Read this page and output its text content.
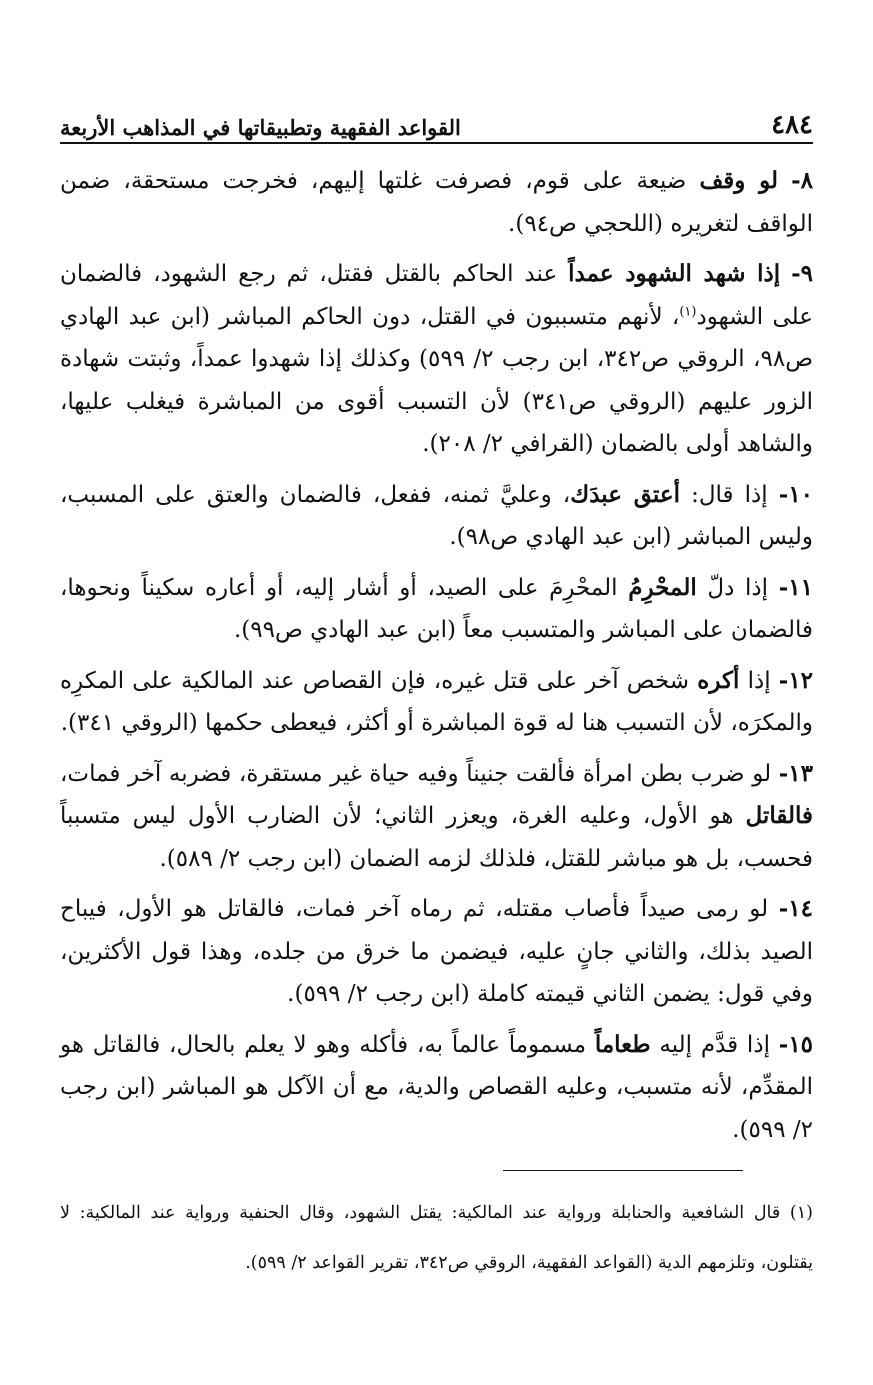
٤٨٤
القواعد الفقهية وتطبيقاتها في المذاهب الأربعة

٨- لو وقف ضيعة على قوم، فصرفت غلتها إليهم، فخرجت مستحقة، ضمن الواقف لتغريره (اللحجي ص٩٤).

٩- إذا شهد الشهود عمداً عند الحاكم بالقتل فقتل، ثم رجع الشهود، فالضمان على الشهود$^{(١)}$، لأنهم متسببون في القتل، دون الحاكم المباشر (ابن عبد الهادي ص٩٨، الروقي ص٣٤٢، ابن رجب ٢/ ٥٩٩) وكذلك إذا شهدوا عمداً، وثبتت شهادة الزور عليهم (الروقي ص٣٤١) لأن التسبب أقوى من المباشرة فيغلب عليها، والشاهد أولى بالضمان (القرافي ٢/ ٢٠٨).

١٠- إذا قال: أعتق عبدَك، وعليَّ ثمنه، ففعل، فالضمان والعتق على المسبب، وليس المباشر (ابن عبد الهادي ص٩٨).

١١- إذا دلّ المحْرِمُ المحْرِمَ على الصيد، أو أشار إليه، أو أعاره سكيناً ونحوها، فالضمان على المباشر والمتسبب معاً (ابن عبد الهادي ص٩٩).

١٢- إذا أكره شخص آخر على قتل غيره، فإن القصاص عند المالكية على المكرِه والمكرَه، لأن التسبب هنا له قوة المباشرة أو أكثر، فيعطى حكمها (الروقي ٣٤١).

١٣- لو ضرب بطن امرأة فألقت جنيناً وفيه حياة غير مستقرة، فضربه آخر فمات، فالقاتل هو الأول، وعليه الغرة، ويعزر الثاني؛ لأن الضارب الأول ليس متسبباً فحسب، بل هو مباشر للقتل، فلذلك لزمه الضمان (ابن رجب ٢/ ٥٨٩).

١٤- لو رمى صيداً فأصاب مقتله، ثم رماه آخر فمات، فالقاتل هو الأول، فيباح الصيد بذلك، والثاني جانٍ عليه، فيضمن ما خرق من جلده، وهذا قول الأكثرين، وفي قول: يضمن الثاني قيمته كاملة (ابن رجب ٢/ ٥٩٩).

١٥- إذا قدَّم إليه طعاماً مسموماً عالماً به، فأكله وهو لا يعلم بالحال، فالقاتل هو المقدِّم، لأنه متسبب، وعليه القصاص والدية، مع أن الآكل هو المباشر (ابن رجب ٢/ ٥٩٩).

(١) قال الشافعية والحنابلة ورواية عند المالكية: يقتل الشهود، وقال الحنفية ورواية عند المالكية: لا يقتلون، وتلزمهم الدية (القواعد الفقهية، الروقي ص٣٤٢، تقرير القواعد ٢/ ٥٩٩).
